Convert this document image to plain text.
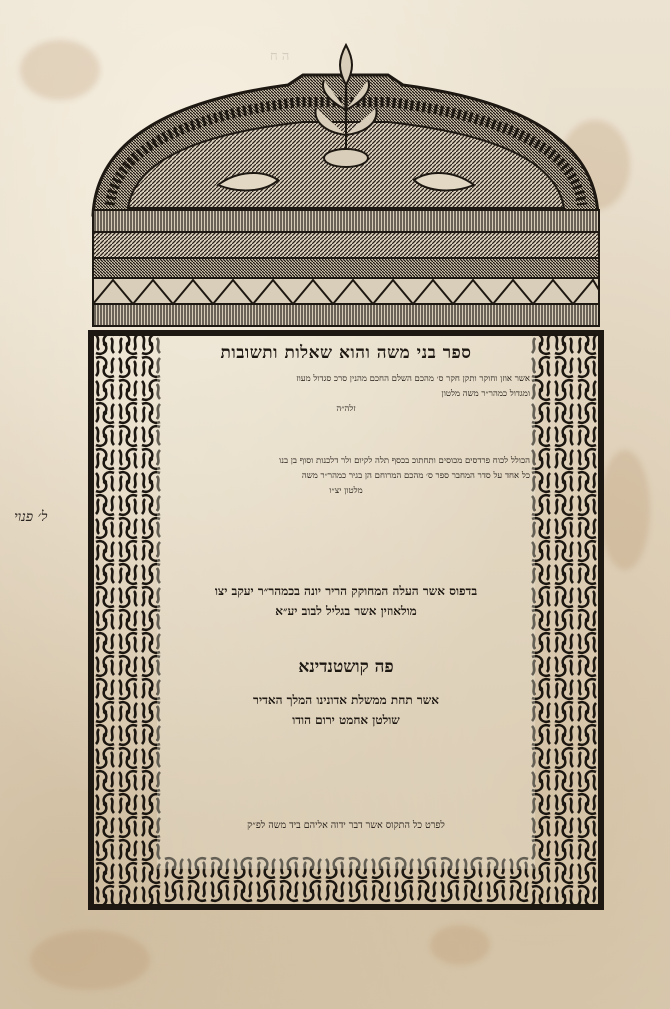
ה ח
ספר בני משה והוא שאלות ותשובות
אשר אוזן וחוקר ותקן חקר ס׳ מהכם השלם החכם מהנין סרכ סגדול מעוז
ומגדול כמהר״ר משה מלטון
זלה״ה
הכולל לכוח פרדסים מכוסים ותחתוכ בכסף תלה לקיום ולר דלכנות וסוף בן בנו
כל אחד על סדר המחבר ספר ס׳ מהכם המרוחם הן בגיר כמהר״ר משה
מלטון יצ״ו
בדפוס אשר העלה המחוקק הריר יונה בכמהר״ר יעקב יצו
מולאוזין אשר בגליל לבוב יע״א
פה קושטנדינא
אשר תחת ממשלת אדונינו המלך האדיר
שולטן אחמט ירום הודו
לפרט כל התקוס אשר דבר ידוה אליהם ביד משה לפ״ק
ל׳ פנוי
